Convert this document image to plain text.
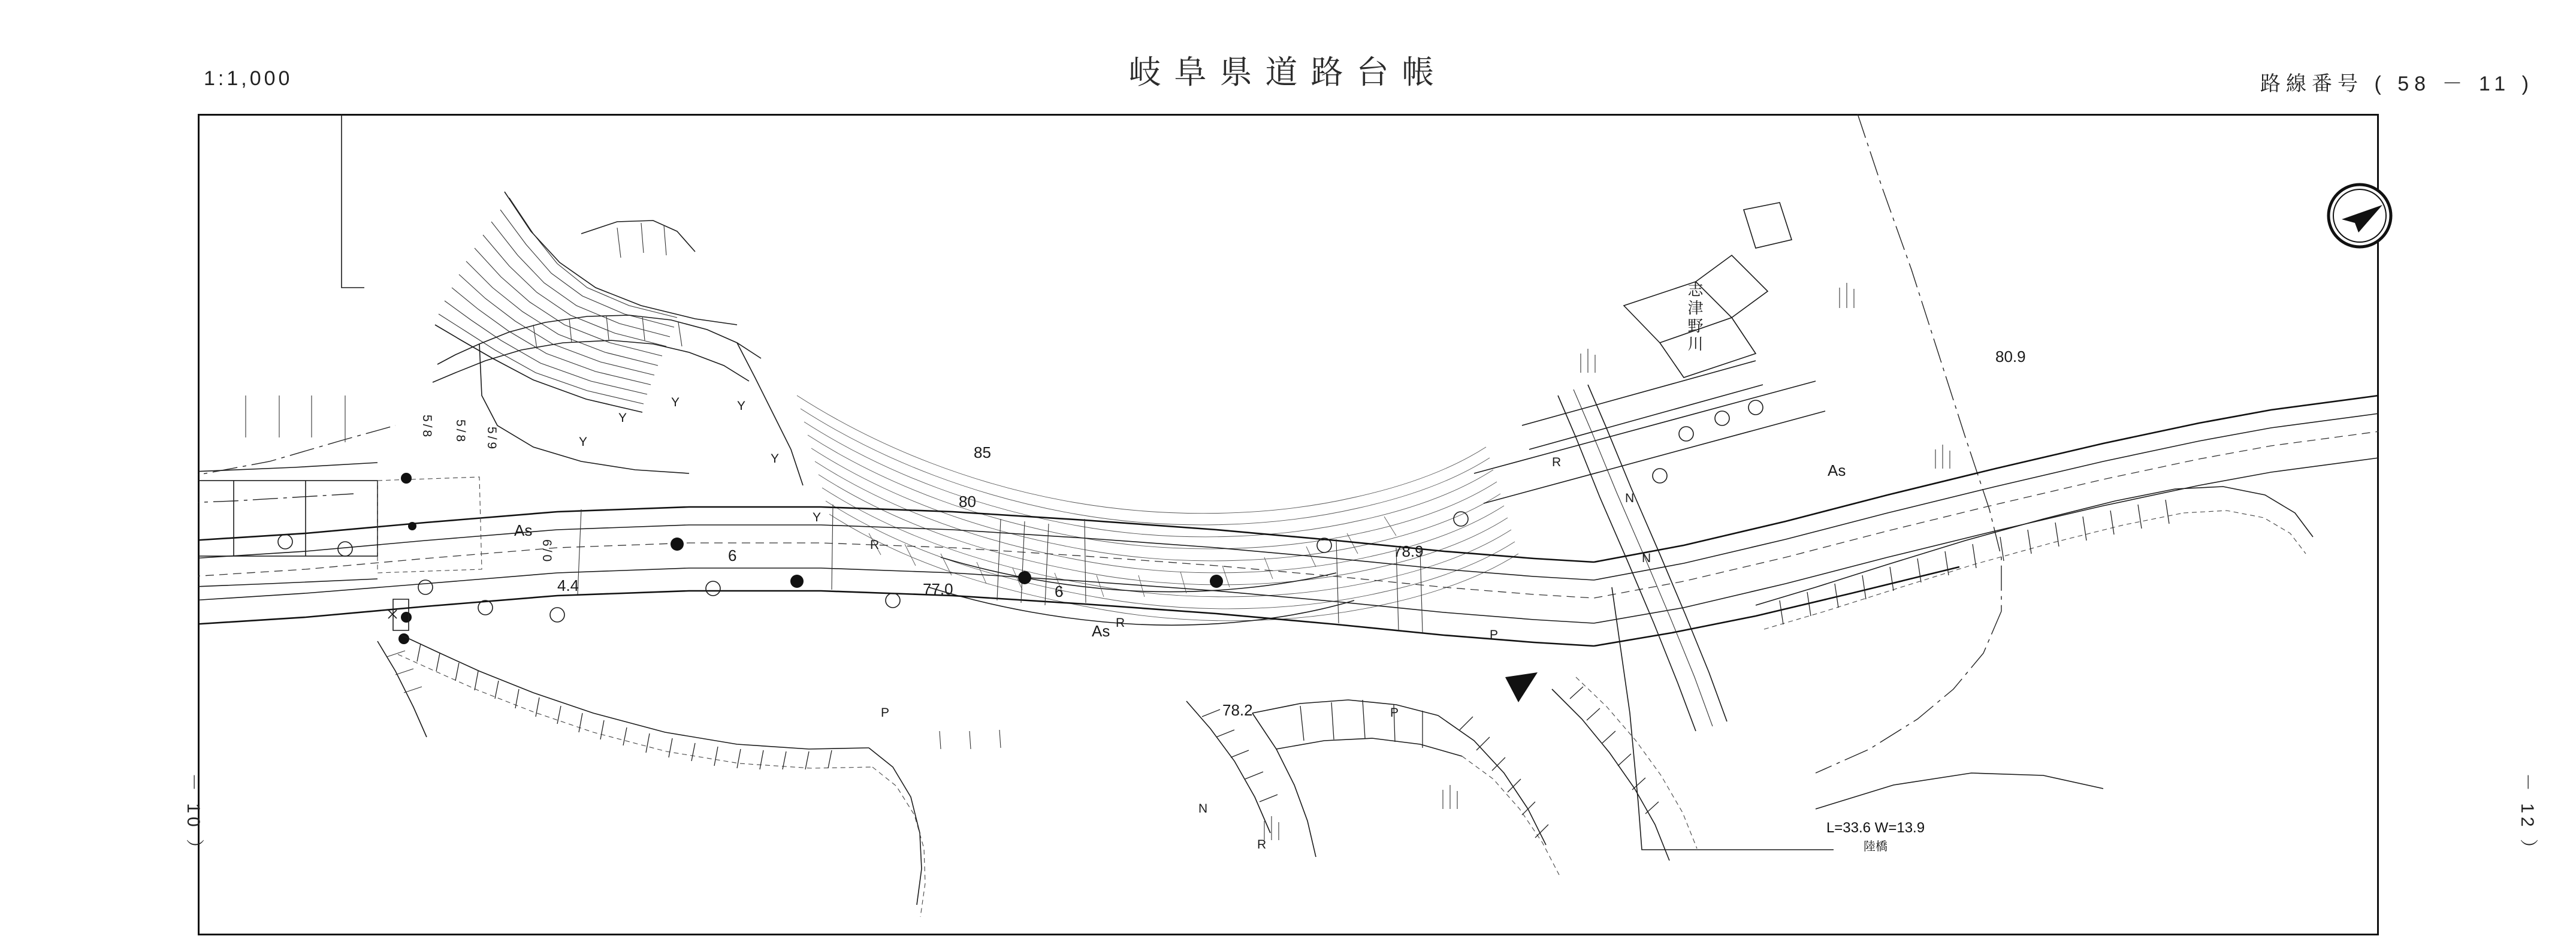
1:1,000	岐阜県道路台帳	路線番号 ( 58 － 11 )
－ 10 ）	－ 12 ）
志津野川
80.9
78.9
78.2
4.4
85
80
77.0	6
6
As
As
As
5/8 5/8 5/9
6/0
Y
Y
Y	Y
Y
Y
R
R
R
R
N
N
N
P	P
P
L=33.6 W=13.9
陸橋
